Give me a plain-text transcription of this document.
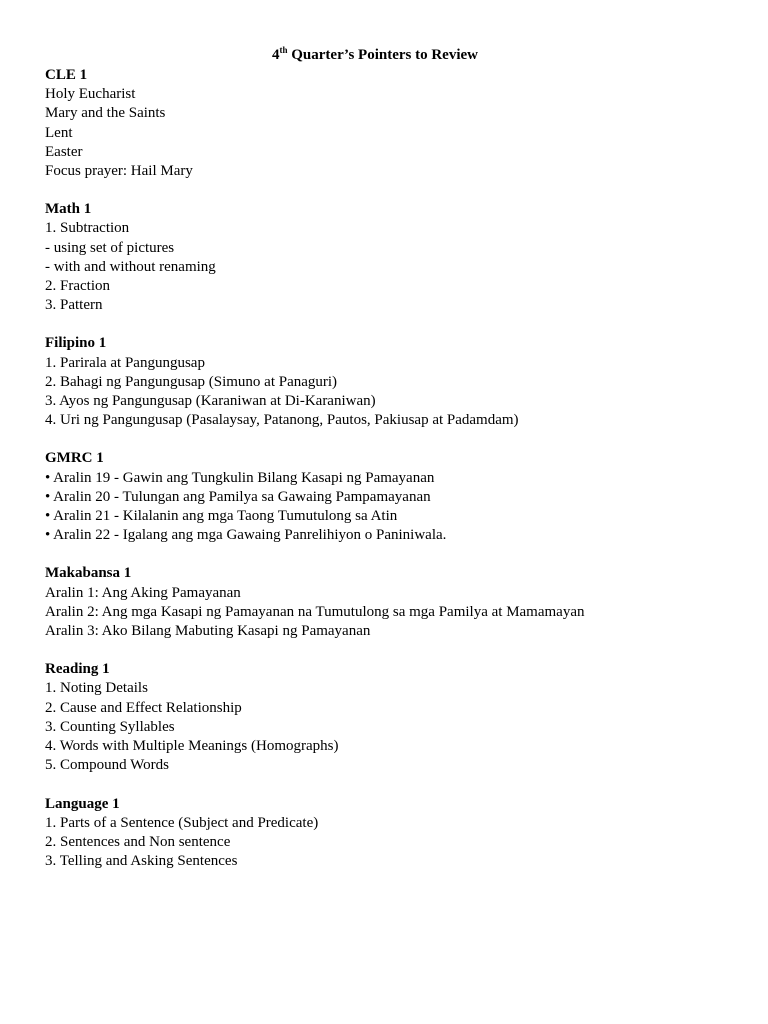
4th Quarter’s Pointers to Review
CLE 1
Holy Eucharist
Mary and the Saints
Lent
Easter
Focus prayer: Hail Mary
Math 1
1. Subtraction
- using set of pictures
- with and without renaming
2. Fraction
3. Pattern
Filipino 1
1. Parirala at Pangungusap
2. Bahagi ng Pangungusap (Simuno at Panaguri)
3. Ayos ng Pangungusap (Karaniwan at Di-Karaniwan)
4. Uri ng Pangungusap (Pasalaysay, Patanong, Pautos, Pakiusap at Padamdam)
GMRC 1
• Aralin 19 - Gawin ang Tungkulin Bilang Kasapi ng Pamayanan
• Aralin 20 - Tulungan ang Pamilya sa Gawaing Pampamayanan
• Aralin 21 - Kilalanin ang mga Taong Tumutulong sa Atin
• Aralin 22 - Igalang ang mga Gawaing Panrelihiyon o Paniniwala.
Makabansa 1
Aralin 1: Ang Aking Pamayanan
Aralin 2: Ang mga Kasapi ng Pamayanan na Tumutulong sa mga Pamilya at Mamamayan
Aralin 3: Ako Bilang Mabuting Kasapi ng Pamayanan
Reading 1
1. Noting Details
2. Cause and Effect Relationship
3. Counting Syllables
4. Words with Multiple Meanings (Homographs)
5. Compound Words
Language 1
1. Parts of a Sentence (Subject and Predicate)
2. Sentences and Non sentence
3. Telling and Asking Sentences
